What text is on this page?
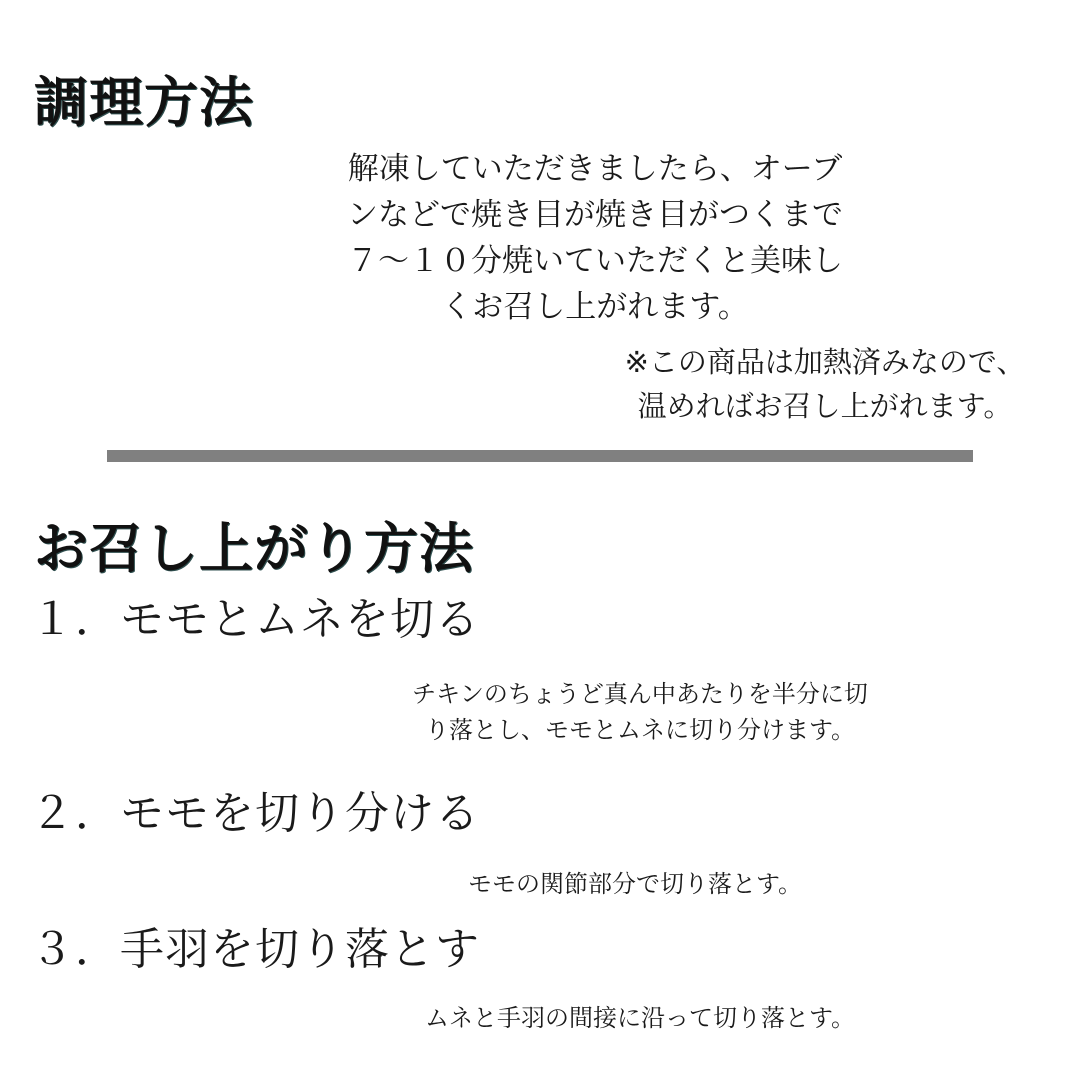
調理方法
解凍していただきましたら、オーブ
ンなどで焼き目が焼き目がつくまで
７〜１０分焼いていただくと美味し
くお召し上がれます。
※この商品は加熱済みなので、
温めればお召し上がれます。
お召し上がり方法
１．モモとムネを切る
チキンのちょうど真ん中あたりを半分に切
り落とし、モモとムネに切り分けます。
２．モモを切り分ける
モモの関節部分で切り落とす。
３．手羽を切り落とす
ムネと手羽の間接に沿って切り落とす。
